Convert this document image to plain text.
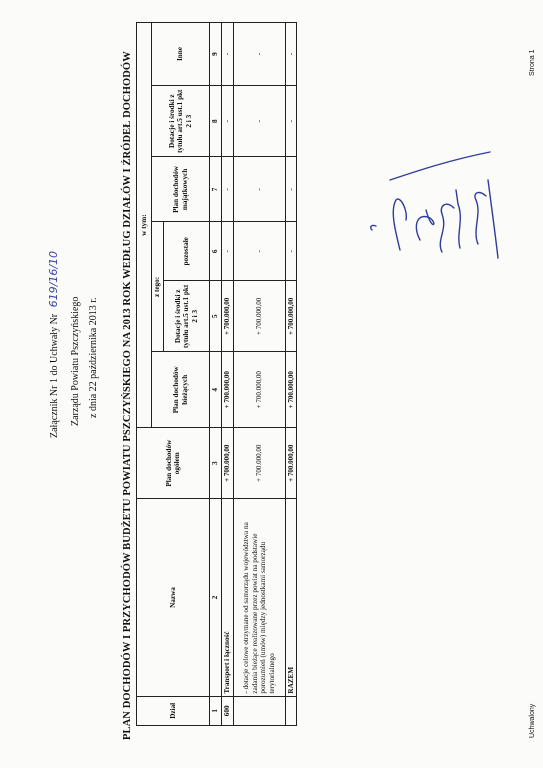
Załącznik Nr 1 do Uchwały Nr 619/16/10
Zarządu Powiatu Pszczyńskiego z dnia 22 października 2013 r. PLAN DOCHODÓW I PRZYCHODÓW BUDŻETU POWIATU PSZCZYŃSKIEGO NA 2013 ROK WEDŁUG DZIAŁÓW I ŹRÓDEŁ DOCHODÓW	Dział	Nazwa	Plan dochodów ogółem	w tym:					
			Plan dochodów bieżących	z tego:		Plan dochodów majątkowych	Dotacje i środki z tytułu art.5 ust.1 pkt 2 i 3	Inne
				Dotacje i środki z tytułu art.5 ust.1 pkt 2 i 3	pozostałe			
1	2	3	4	5	6	7	8	9
600	Transport i łączność	+ 700.000,00	+ 700.000,00	+ 700.000,00	-	-	-	-
	- dotacje celowe otrzymane od samorządu województwa na zadania bieżące realizowane przez powiat na podstawie porozumień (umów) między jednostkami samorządu terytorialnego	+ 700.000,00	+ 700.000,00	+ 700.000,00	-	-	-	-
	RAZEM	+ 700.000,00	+ 700.000,00	+ 700.000,00	-	-	-	-
Uchwalony
Strona 1
